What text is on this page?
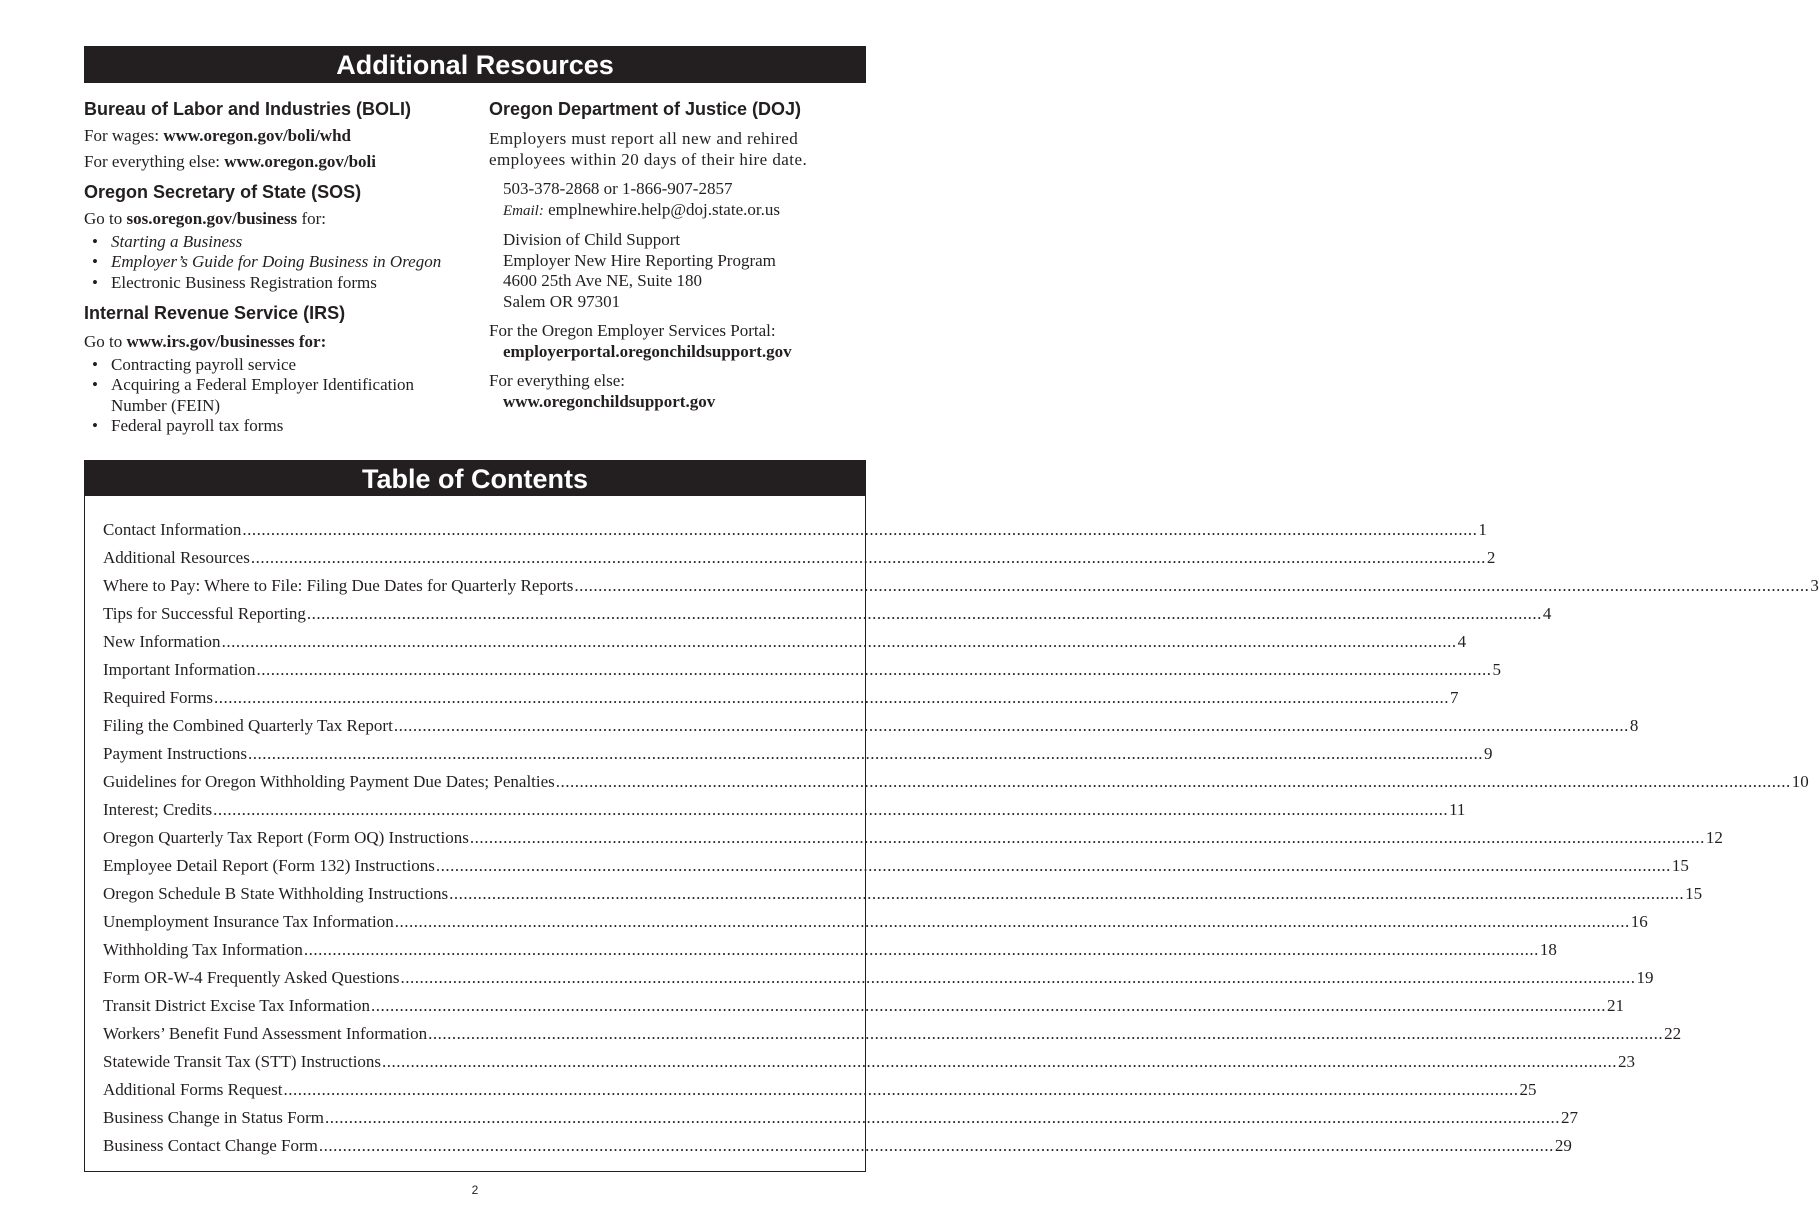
Additional Resources
Bureau of Labor and Industries (BOLI)

For wages: www.oregon.gov/boli/whd

For everything else: www.oregon.gov/boli

Oregon Secretary of State (SOS)

Go to sos.oregon.gov/business for:

• Starting a Business
• Employer’s Guide for Doing Business in Oregon
• Electronic Business Registration forms
Internal Revenue Service (IRS)

Go to www.irs.gov/businesses for:

• Contracting payroll service
• Acquiring a Federal Employer Identification Number (FEIN)
• Federal payroll tax forms
Oregon Department of Justice (DOJ)

Employers must report all new and rehired employees within 20 days of their hire date.

503-378-2868 or 1-866-907-2857

Email: emplnewhire.help@doj.state.or.us

Division of Child Support

Employer New Hire Reporting Program

4600 25th Ave NE, Suite 180

Salem OR 97301

For the Oregon Employer Services Portal:

employerportal.oregonchildsupport.gov

For everything else:

www.oregonchildsupport.gov

Table of Contents
Contact Information .................................................................................................................................................................................................................................................................... 1
Additional Resources .................................................................................................................................................................................................................................................................... 2
Where to Pay: Where to File: Filing Due Dates for Quarterly Reports .................................................................................................................................................................................................................................................................... 3
Tips for Successful Reporting .................................................................................................................................................................................................................................................................... 4
New Information .................................................................................................................................................................................................................................................................... 4
Important Information .................................................................................................................................................................................................................................................................... 5
Required Forms .................................................................................................................................................................................................................................................................... 7
Filing the Combined Quarterly Tax Report .................................................................................................................................................................................................................................................................... 8
Payment Instructions .................................................................................................................................................................................................................................................................... 9
Guidelines for Oregon Withholding Payment Due Dates; Penalties .................................................................................................................................................................................................................................................................... 10
Interest; Credits .................................................................................................................................................................................................................................................................... 11
Oregon Quarterly Tax Report (Form OQ) Instructions .................................................................................................................................................................................................................................................................... 12
Employee Detail Report (Form 132) Instructions .................................................................................................................................................................................................................................................................... 15
Oregon Schedule B State Withholding Instructions .................................................................................................................................................................................................................................................................... 15
Unemployment Insurance Tax Information .................................................................................................................................................................................................................................................................... 16
Withholding Tax Information .................................................................................................................................................................................................................................................................... 18
Form OR-W-4 Frequently Asked Questions .................................................................................................................................................................................................................................................................... 19
Transit District Excise Tax Information .................................................................................................................................................................................................................................................................... 21
Workers’ Benefit Fund Assessment Information .................................................................................................................................................................................................................................................................... 22
Statewide Transit Tax (STT) Instructions .................................................................................................................................................................................................................................................................... 23
Additional Forms Request .................................................................................................................................................................................................................................................................... 25
Business Change in Status Form .................................................................................................................................................................................................................................................................... 27
Business Contact Change Form .................................................................................................................................................................................................................................................................... 29
2
